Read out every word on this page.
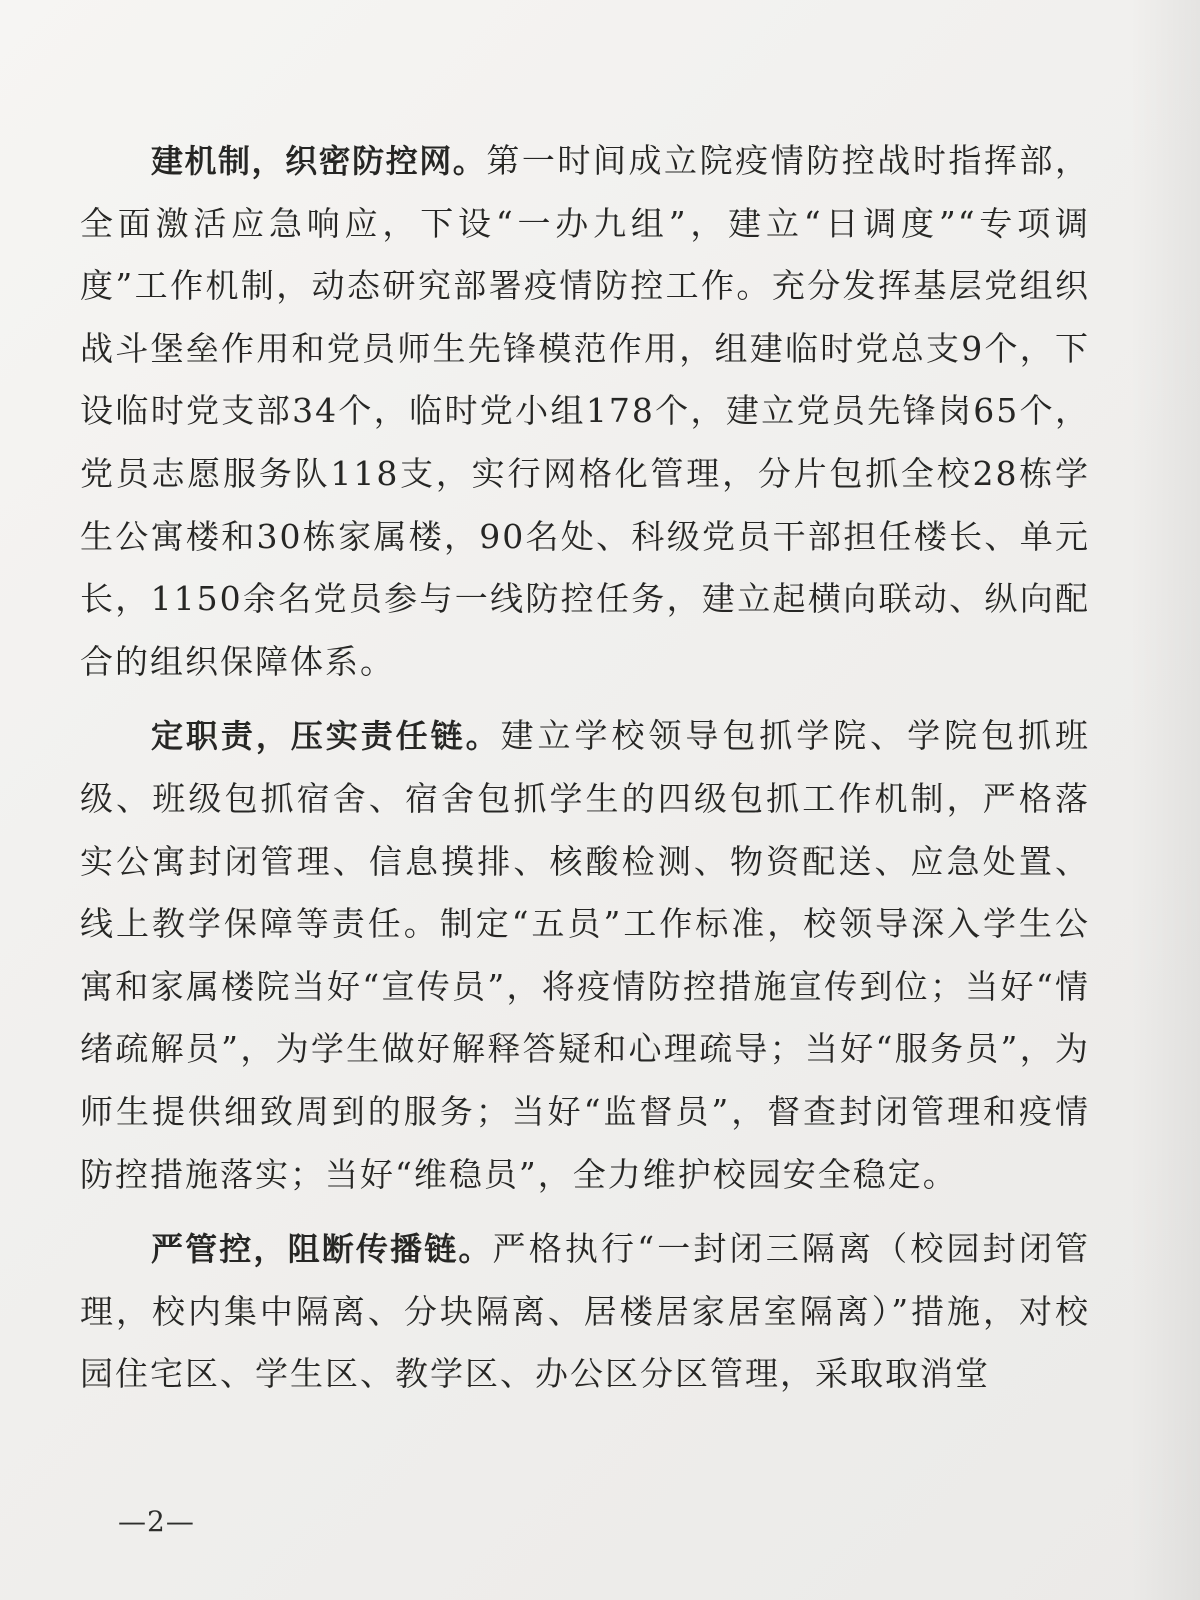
建机制，织密防控网。第一时间成立院疫情防控战时指挥部，全面激活应急响应，下设“一办九组”，建立“日调度”“专项调度”工作机制，动态研究部署疫情防控工作。充分发挥基层党组织战斗堡垒作用和党员师生先锋模范作用，组建临时党总支9个，下设临时党支部34个，临时党小组178个，建立党员先锋岗65个，党员志愿服务队118支，实行网格化管理，分片包抓全校28栋学生公寓楼和30栋家属楼，90名处、科级党员干部担任楼长、单元长，1150余名党员参与一线防控任务，建立起横向联动、纵向配合的组织保障体系。

定职责，压实责任链。建立学校领导包抓学院、学院包抓班级、班级包抓宿舍、宿舍包抓学生的四级包抓工作机制，严格落实公寓封闭管理、信息摸排、核酸检测、物资配送、应急处置、线上教学保障等责任。制定“五员”工作标准，校领导深入学生公寓和家属楼院当好“宣传员”，将疫情防控措施宣传到位；当好“情绪疏解员”，为学生做好解释答疑和心理疏导；当好“服务员”，为师生提供细致周到的服务；当好“监督员”，督查封闭管理和疫情防控措施落实；当好“维稳员”，全力维护校园安全稳定。

严管控，阻断传播链。严格执行“一封闭三隔离（校园封闭管理，校内集中隔离、分块隔离、居楼居家居室隔离）”措施，对校园住宅区、学生区、教学区、办公区分区管理，采取取消堂

—2—
